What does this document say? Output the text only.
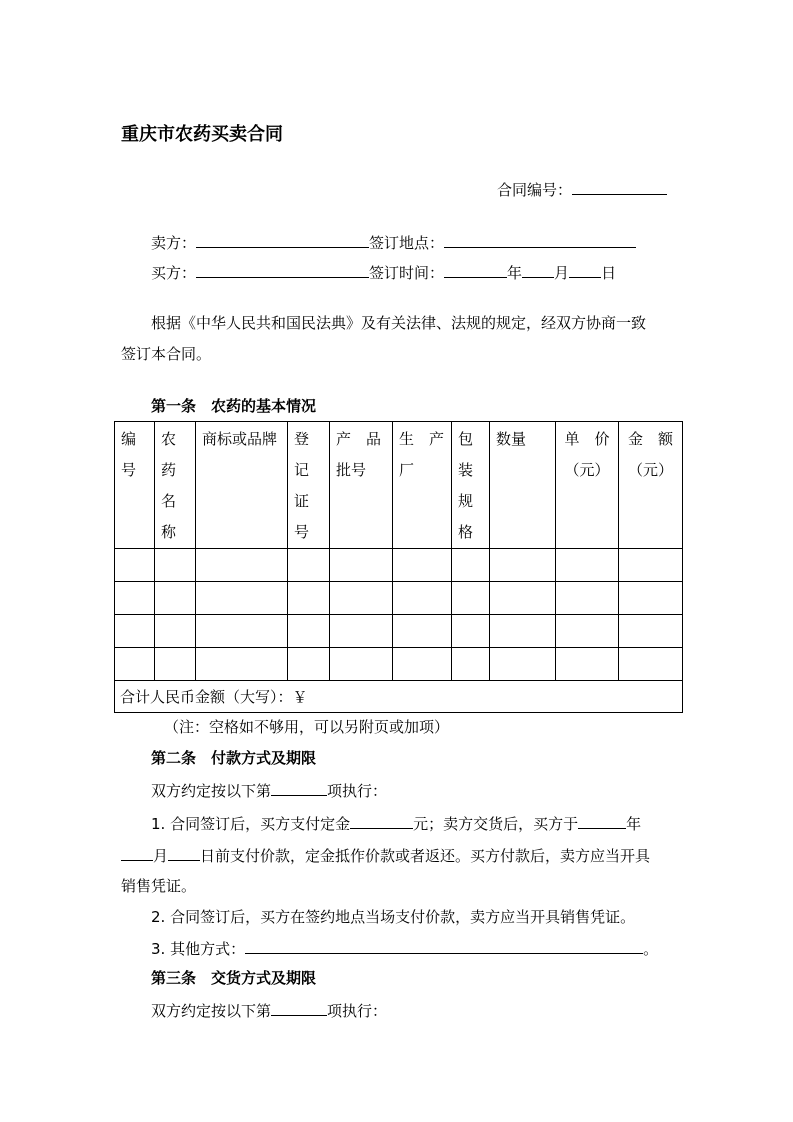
重庆市农药买卖合同
合同编号：
卖方：	签订地点：
买方：	签订时间：	年 月 日
根据《中华人民共和国民法典》及有关法律、法规的规定，经双方协商一致
签订本合同。
第一条　农药的基本情况
编号	农药名称	商标或品牌	登记证号	产　品批号	生　产厂	包装规格	数量	单　价（元）	金　额（元）

合计人民币金额（大写）：￥									
（注：空格如不够用，可以另附页或加项）
第二条　付款方式及期限
双方约定按以下第	项执行：
1. 合同签订后，买方支付定金	元；卖方交货后，买方于	年
月 日前支付价款，定金抵作价款或者返还。买方付款后，卖方应当开具
销售凭证。
2. 合同签订后，买方在签约地点当场支付价款，卖方应当开具销售凭证。
3. 其他方式：	。
第三条　交货方式及期限
双方约定按以下第	项执行：
